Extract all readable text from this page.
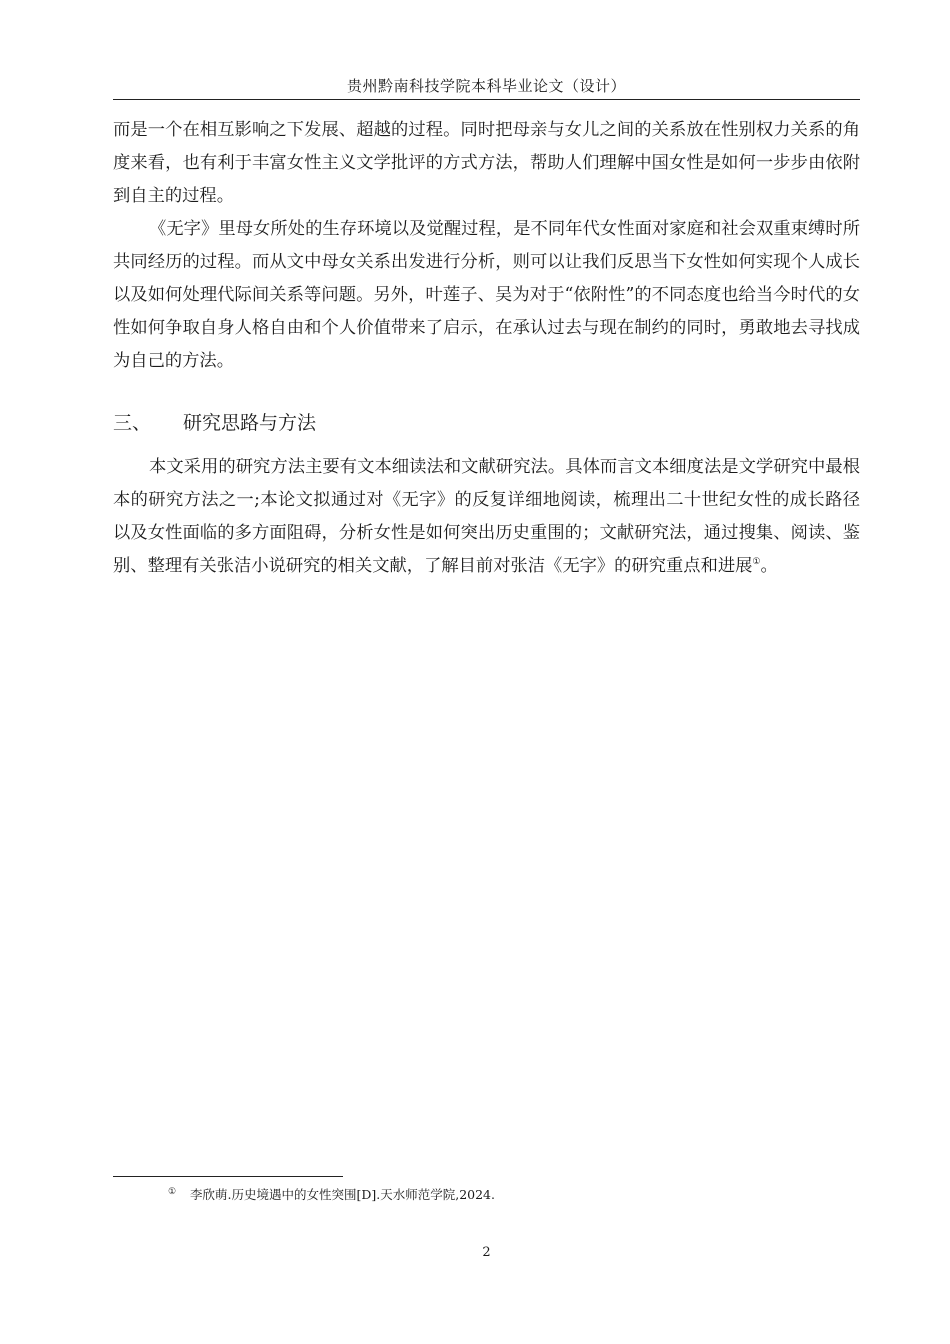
贵州黔南科技学院本科毕业论文（设计）

而是一个在相互影响之下发展、超越的过程。同时把母亲与女儿之间的关系放在性别权力关系的角度来看，也有利于丰富女性主义文学批评的方式方法，帮助人们理解中国女性是如何一步步由依附到自主的过程。

《无字》里母女所处的生存环境以及觉醒过程，是不同年代女性面对家庭和社会双重束缚时所共同经历的过程。而从文中母女关系出发进行分析，则可以让我们反思当下女性如何实现个人成长以及如何处理代际间关系等问题。另外，叶莲子、吴为对于“依附性”的不同态度也给当今时代的女性如何争取自身人格自由和个人价值带来了启示，在承认过去与现在制约的同时，勇敢地去寻找成为自己的方法。

三、 研究思路与方法

本文采用的研究方法主要有文本细读法和文献研究法。具体而言文本细度法是文学研究中最根本的研究方法之一;本论文拟通过对《无字》的反复详细地阅读，梳理出二十世纪女性的成长路径以及女性面临的多方面阻碍，分析女性是如何突出历史重围的；文献研究法，通过搜集、阅读、鉴别、整理有关张洁小说研究的相关文献，了解目前对张洁《无字》的研究重点和进展①。

① 李欣萌.历史境遇中的女性突围[D].天水师范学院,2024.
2
